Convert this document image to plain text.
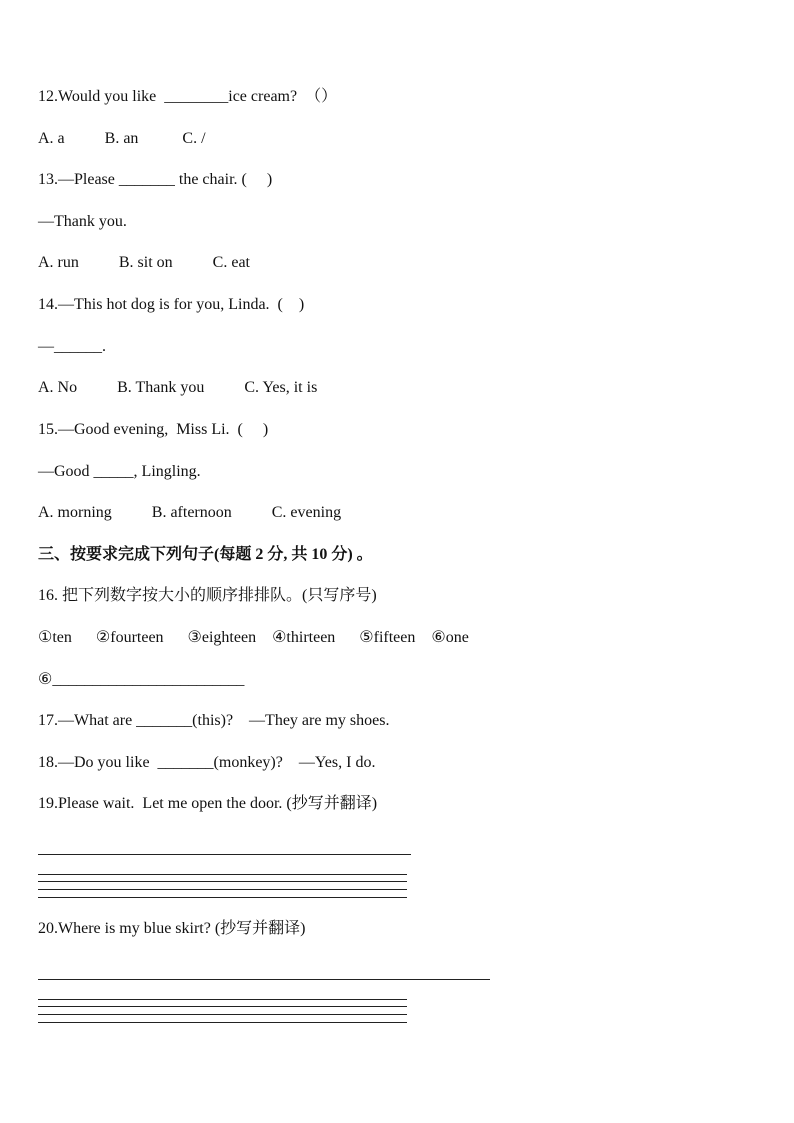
12.Would you like  ________ice cream?  （）
A. a          B. an           C. /
13.—Please _______ the chair. (     )
—Thank you.
A. run          B. sit on          C. eat
14.—This hot dog is for you, Linda.  (    )
—______.
A. No          B. Thank you          C. Yes, it is
15.—Good evening,  Miss Li.  (     )
—Good _____, Lingling.
A. morning          B. afternoon          C. evening
三、按要求完成下列句子(每题 2 分, 共 10 分) 。
16. 把下列数字按大小的顺序排排队。(只写序号)
①ten      ②fourteen      ③eighteen    ④thirteen      ⑤fifteen    ⑥one
⑥________________________
17.—What are _______(this)?    —They are my shoes.
18.—Do you like  _______(monkey)?    —Yes, I do.
19.Please wait.  Let me open the door. (抄写并翻译)
20.Where is my blue skirt? (抄写并翻译)
